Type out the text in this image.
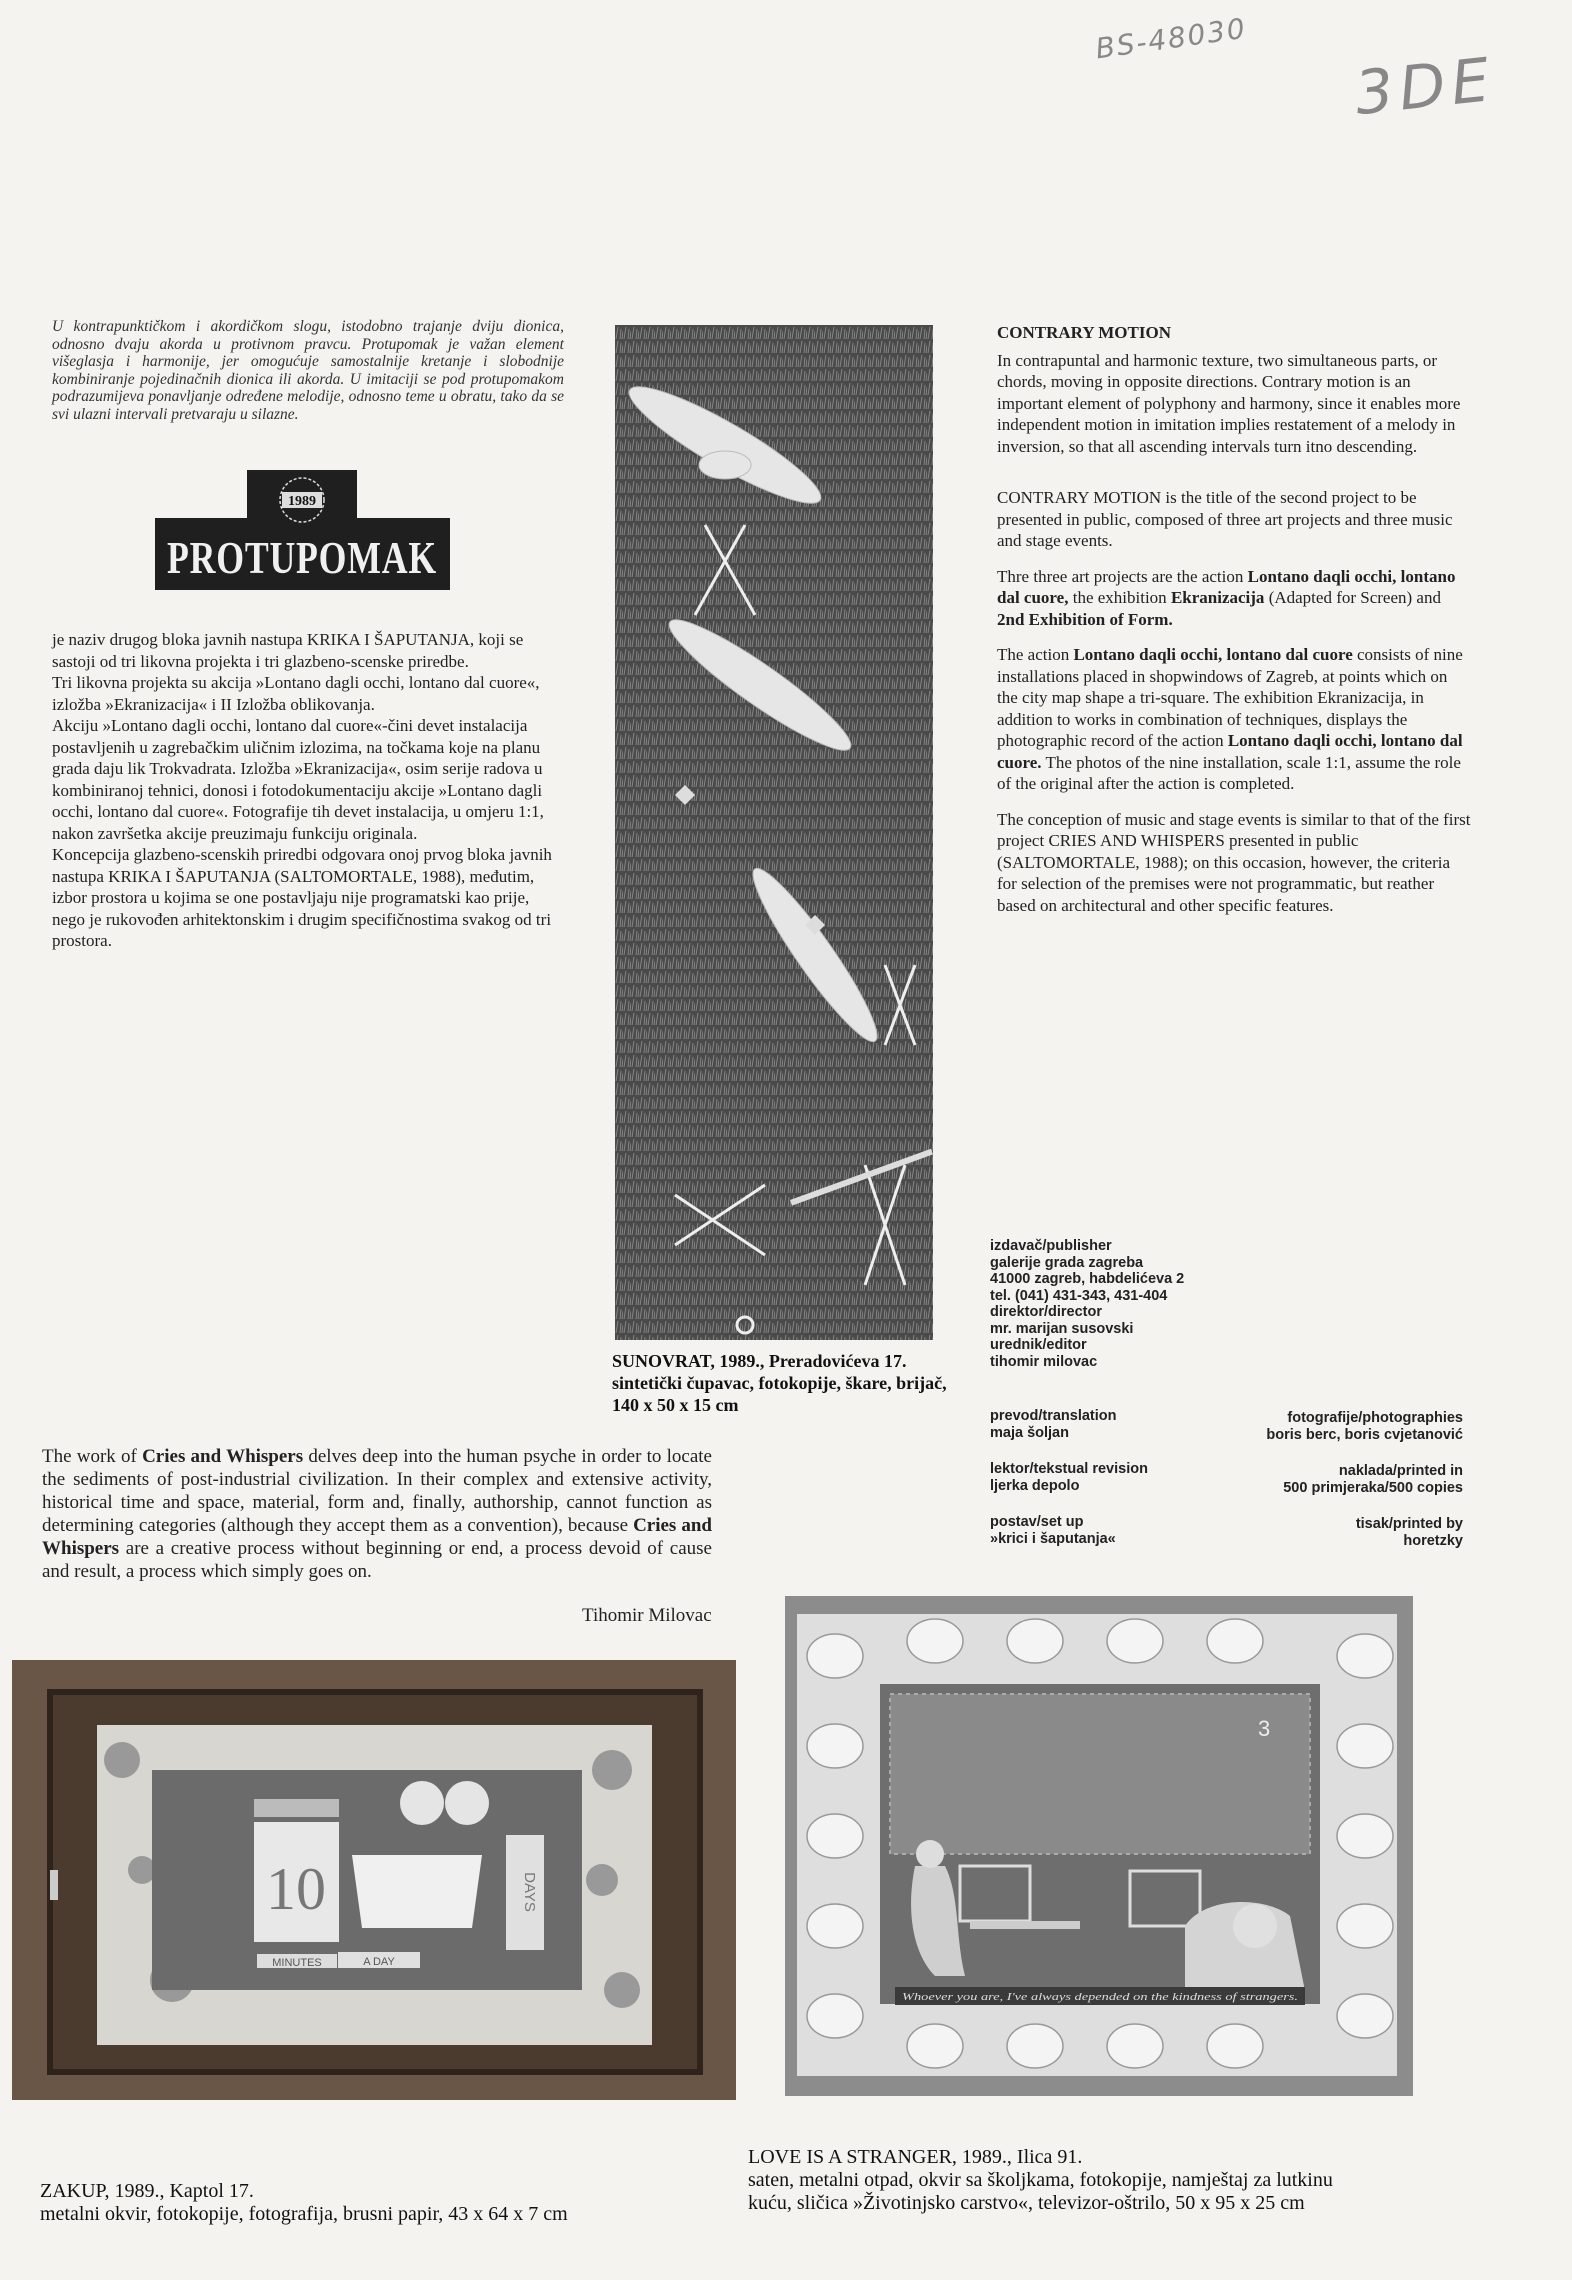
BS-48030
3DE
U kontrapunktičkom i akordičkom slogu, istodobno trajanje dviju dionica, odnosno dvaju akorda u protivnom pravcu. Protupomak je važan element višeglasja i harmonije, jer omogućuje samostalnije kretanje i slobodnije kombiniranje pojedinačnih dionica ili akorda. U imitaciji se pod protupomakom podrazumijeva ponavljanje određene melodije, odnosno teme u obratu, tako da se svi ulazni intervali pretvaraju u silazne.
1989
PROTUPOMAK

je naziv drugog bloka javnih nastupa KRIKA I ŠAPUTANJA, koji se sastoji od tri likovna projekta i tri glazbeno-scenske priredbe.

Tri likovna projekta su akcija »Lontano dagli occhi, lontano dal cuore«, izložba »Ekranizacija« i II Izložba oblikovanja.

Akciju »Lontano dagli occhi, lontano dal cuore«-čini devet instalacija postavljenih u zagrebačkim uličnim izlozima, na točkama koje na planu grada daju lik Trokvadrata. Izložba »Ekranizacija«, osim serije radova u kombiniranoj tehnici, donosi i fotodokumentaciju akcije »Lontano dagli occhi, lontano dal cuore«. Fotografije tih devet instalacija, u omjeru 1:1, nakon završetka akcije preuzimaju funkciju originala.

Koncepcija glazbeno-scenskih priredbi odgovara onoj prvog bloka javnih nastupa KRIKA I ŠAPUTANJA (SALTOMORTALE, 1988), međutim, izbor prostora u kojima se one postavljaju nije programatski kao prije, nego je rukovođen arhitektonskim i drugim specifičnostima svakog od tri prostora.

SUNOVRAT, 1989., Preradovićeva 17.
sintetički čupavac, fotokopije, škare, brijač,
140 x 50 x 15 cm
CONTRARY MOTION

In contrapuntal and harmonic texture, two simultaneous parts, or chords, moving in opposite directions. Contrary motion is an important element of polyphony and harmony, since it enables more independent motion in imitation implies restatement of a melody in inversion, so that all ascending intervals turn itno descending.

CONTRARY MOTION is the title of the second project to be presented in public, composed of three art projects and three music and stage events.

Thre three art projects are the action Lontano daqli occhi, lontano dal cuore, the exhibition Ekranizacija (Adapted for Screen) and 2nd Exhibition of Form.

The action Lontano daqli occhi, lontano dal cuore consists of nine installations placed in shopwindows of Zagreb, at points which on the city map shape a tri-square. The exhibition Ekranizacija, in addition to works in combination of techniques, displays the photographic record of the action Lontano daqli occhi, lontano dal cuore. The photos of the nine installation, scale 1:1, assume the role of the original after the action is completed.

The conception of music and stage events is similar to that of the first project CRIES AND WHISPERS presented in public (SALTOMORTALE, 1988); on this occasion, however, the criteria for selection of the premises were not programmatic, but reather based on architectural and other specific features.

izdavač/publisher
galerije grada zagreba
41000 zagreb, habdelićeva 2
tel. (041) 431-343, 431-404
direktor/director
mr. marijan susovski
urednik/editor
tihomir milovac
prevod/translation
maja šoljan
lektor/tekstual revision
ljerka depolo
postav/set up
»krici i šaputanja«
fotografije/photographies
boris berc, boris cvjetanović
naklada/printed in
500 primjeraka/500 copies
tisak/printed by
horetzky
The work of Cries and Whispers delves deep into the human psyche in order to locate the sediments of post-industrial civilization. In their complex and extensive activity, historical time and space, material, form and, finally, authorship, cannot function as determining categories (although they accept them as a convention), because Cries and Whispers are a creative process without beginning or end, a process devoid of cause and result, a process which simply goes on.
Tihomir Milovac
10	DAYS
MINUTES	A DAY
3
Whoever you are, I've always depended on the kindness of strangers.
ZAKUP, 1989., Kaptol 17.
metalni okvir, fotokopije, fotografija, brusni papir, 43 x 64 x 7 cm
LOVE IS A STRANGER, 1989., Ilica 91.
saten, metalni otpad, okvir sa školjkama, fotokopije, namještaj za lutkinu
kuću, sličica »Životinjsko carstvo«, televizor-oštrilo, 50 x 95 x 25 cm
